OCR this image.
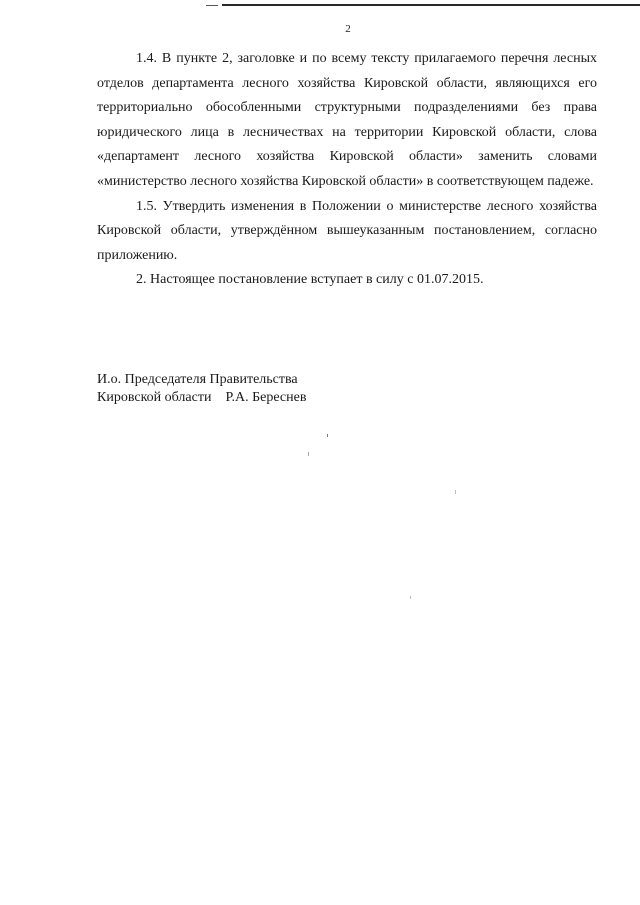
2

1.4. В пункте 2, заголовке и по всему тексту прилагаемого перечня лесных отделов департамента лесного хозяйства Кировской области, являющихся его территориально обособленными структурными подразделениями без права юридического лица в лесничествах на территории Кировской области, слова «департамент лесного хозяйства Кировской области» заменить словами «министерство лесного хозяйства Кировской области» в соответствующем падеже.

1.5. Утвердить изменения в Положении о министерстве лесного хозяйства Кировской области, утверждённом вышеуказанным постановлением, согласно приложению.

2. Настоящее постановление вступает в силу с 01.07.2015.

И.о. Председателя Правительства
Кировской области Р.А. Береснев
